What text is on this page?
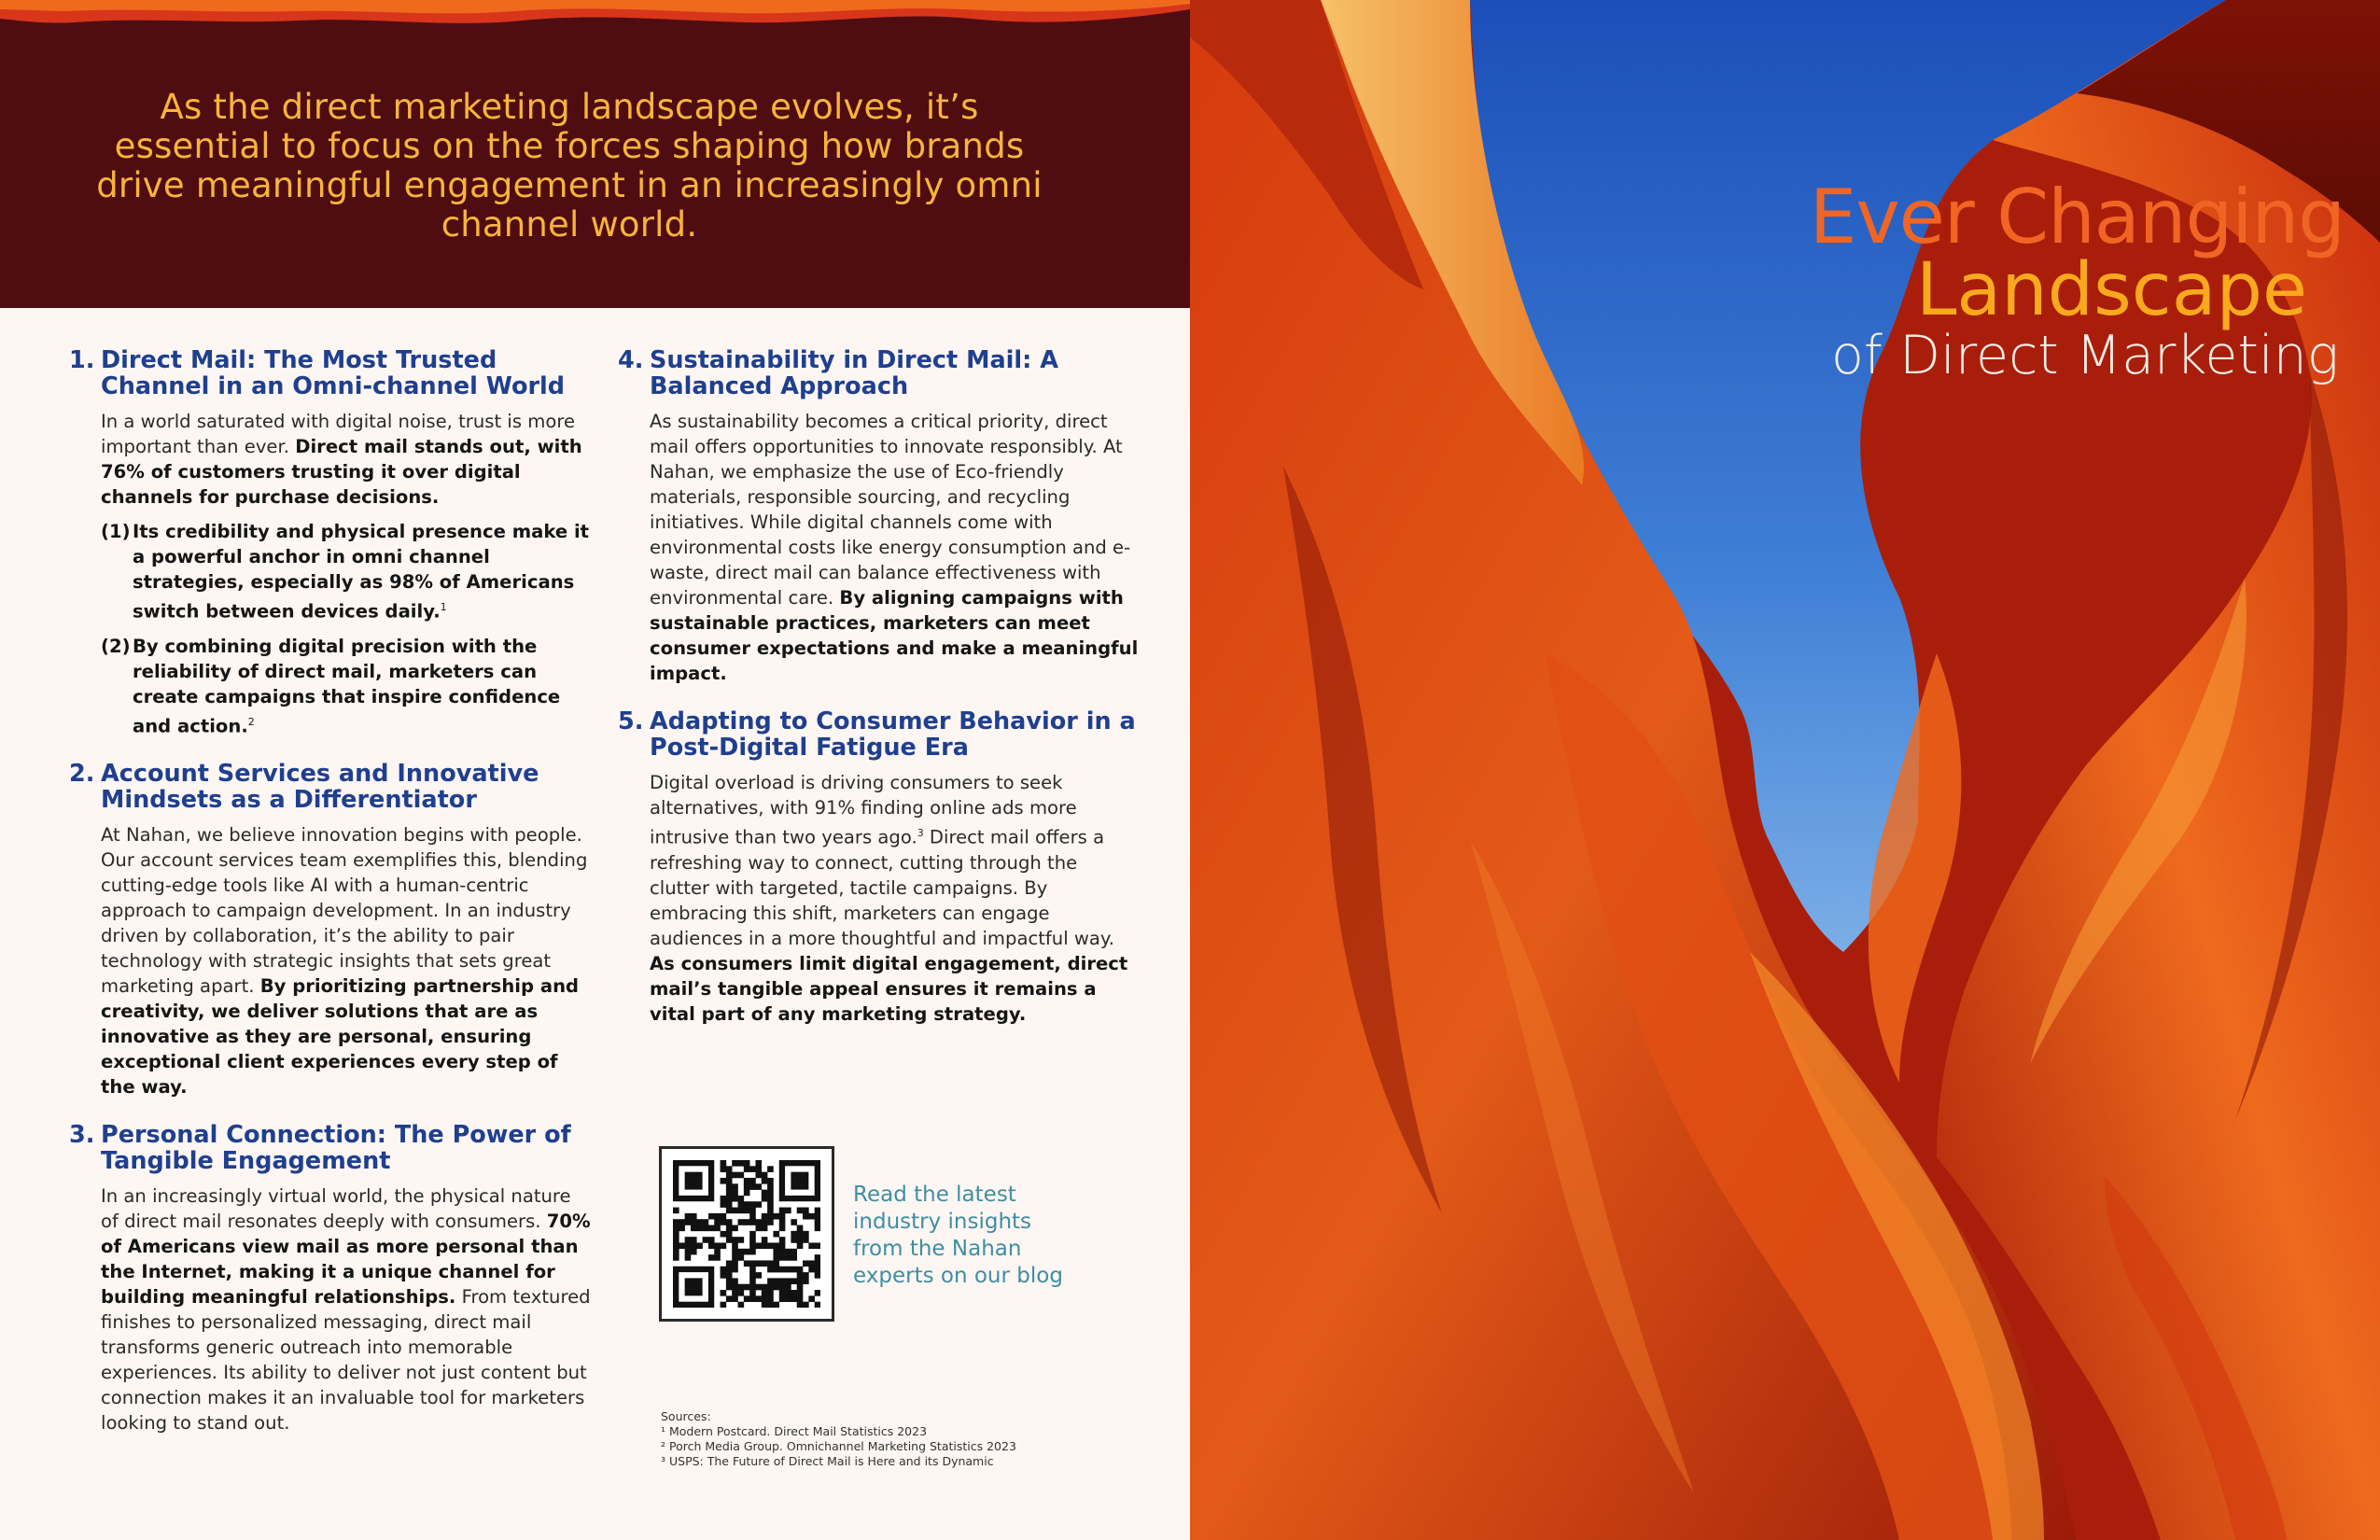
As the direct marketing landscape evolves, it’s essential to focus on the forces shaping how brands drive meaningful engagement in an increasingly omni channel world.
1. Direct Mail: The Most Trusted Channel in an Omni-channel World
In a world saturated with digital noise, trust is more important than ever. Direct mail stands out, with 76% of customers trusting it over digital channels for purchase decisions.
(1) Its credibility and physical presence make it a powerful anchor in omni channel strategies, especially as 98% of Americans switch between devices daily.$^1$
(2) By combining digital precision with the reliability of direct mail, marketers can create campaigns that inspire confidence and action.$^2$
2. Account Services and Innovative Mindsets as a Differentiator
At Nahan, we believe innovation begins with people. Our account services team exemplifies this, blending cutting-edge tools like AI with a human-centric approach to campaign development. In an industry driven by collaboration, it’s the ability to pair technology with strategic insights that sets great marketing apart. By prioritizing partnership and creativity, we deliver solutions that are as innovative as they are personal, ensuring exceptional client experiences every step of the way.
3. Personal Connection: The Power of Tangible Engagement
In an increasingly virtual world, the physical nature of direct mail resonates deeply with consumers. 70% of Americans view mail as more personal than the Internet, making it a unique channel for building meaningful relationships. From textured finishes to personalized messaging, direct mail transforms generic outreach into memorable experiences. Its ability to deliver not just content but connection makes it an invaluable tool for marketers looking to stand out.
4. Sustainability in Direct Mail: A Balanced Approach
As sustainability becomes a critical priority, direct mail offers opportunities to innovate responsibly. At Nahan, we emphasize the use of Eco-friendly materials, responsible sourcing, and recycling initiatives. While digital channels come with environmental costs like energy consumption and e-waste, direct mail can balance effectiveness with environmental care. By aligning campaigns with sustainable practices, marketers can meet consumer expectations and make a meaningful impact.
5. Adapting to Consumer Behavior in a Post-Digital Fatigue Era
Digital overload is driving consumers to seek alternatives, with 91% finding online ads more intrusive than two years ago.$^3$ Direct mail offers a refreshing way to connect, cutting through the clutter with targeted, tactile campaigns. By embracing this shift, marketers can engage audiences in a more thoughtful and impactful way. As consumers limit digital engagement, direct mail’s tangible appeal ensures it remains a vital part of any marketing strategy.
Read the latest industry insights from the Nahan experts on our blog
Sources:
¹ Modern Postcard. Direct Mail Statistics 2023
² Porch Media Group. Omnichannel Marketing Statistics 2023
³ USPS: The Future of Direct Mail is Here and its Dynamic
Ever Changing
Landscape
of Direct Marketing
